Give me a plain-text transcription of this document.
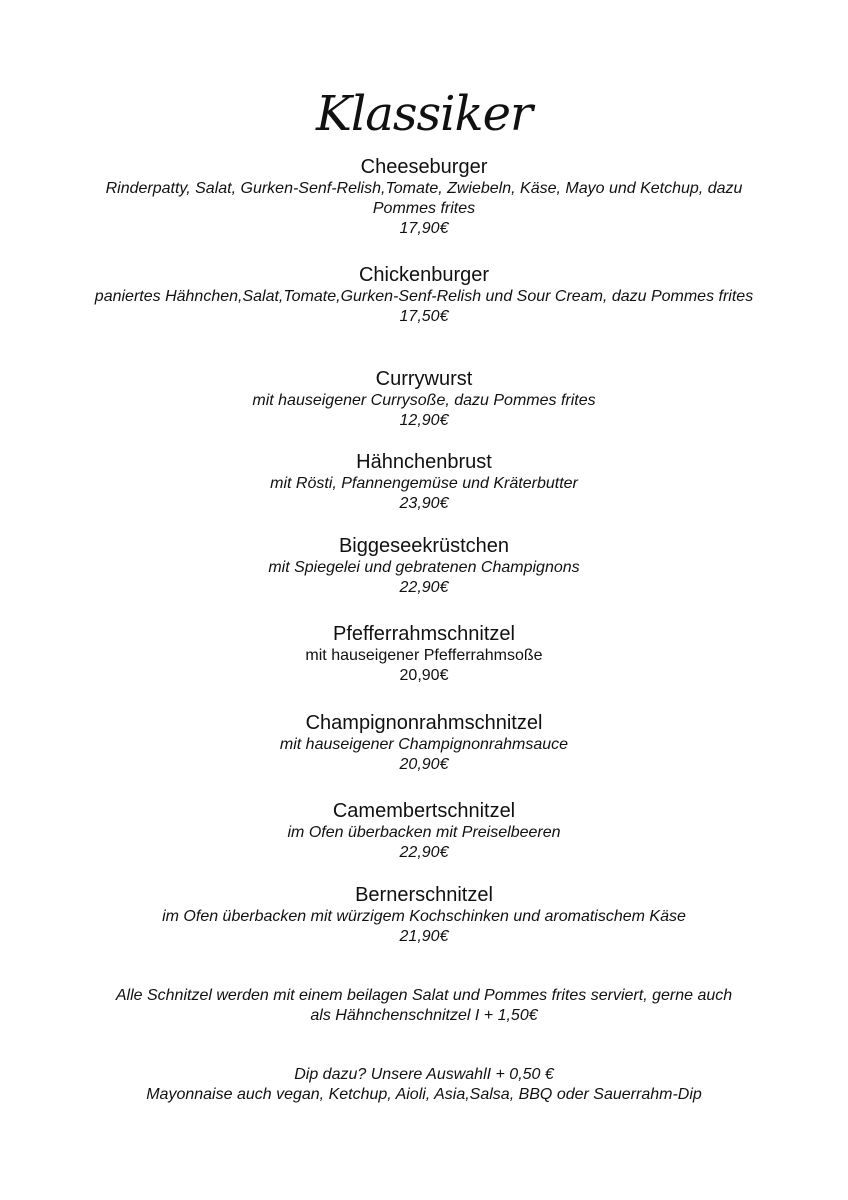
Klassiker
Cheeseburger
Rinderpatty, Salat, Gurken-Senf-Relish,Tomate, Zwiebeln, Käse, Mayo und Ketchup, dazu Pommes frites
17,90€
Chickenburger
paniertes Hähnchen,Salat,Tomate,Gurken-Senf-Relish und Sour Cream, dazu Pommes frites
17,50€
Currywurst
mit hauseigener Currysoße, dazu Pommes frites
12,90€
Hähnchenbrust
mit Rösti, Pfannengemüse und Kräterbutter
23,90€
Biggeseekrüstchen
mit Spiegelei und gebratenen Champignons
22,90€
Pfefferrahmschnitzel
mit hauseigener Pfefferrahmsoße
20,90€
Champignonrahmschnitzel
mit hauseigener Champignonrahmsauce
20,90€
Camembertschnitzel
im Ofen überbacken mit Preiselbeeren
22,90€
Bernerschnitzel
im Ofen überbacken mit würzigem Kochschinken und aromatischem Käse
21,90€

Alle Schnitzel werden mit einem beilagen Salat und Pommes frites serviert, gerne auch

als Hähnchenschnitzel I + 1,50€

Dip dazu? Unsere AuswahlI + 0,50 €

Mayonnaise auch vegan, Ketchup, Aioli, Asia,Salsa, BBQ oder Sauerrahm-Dip
